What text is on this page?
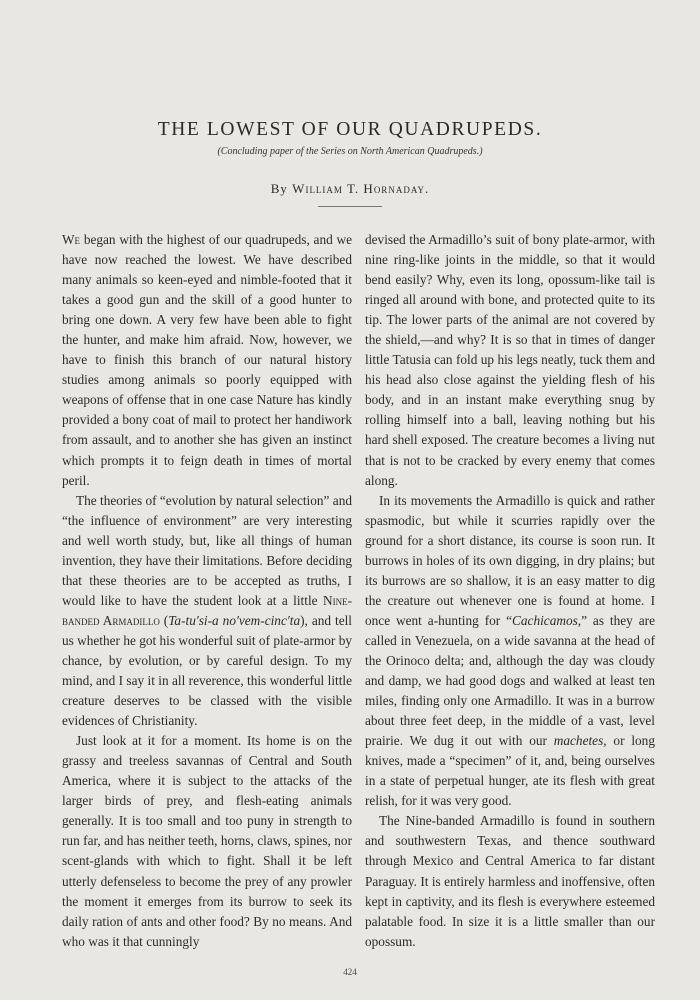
THE LOWEST OF OUR QUADRUPEDS.
(Concluding paper of the Series on North American Quadrupeds.)
By William T. Hornaday.

We began with the highest of our quadrupeds, and we have now reached the lowest. We have described many animals so keen-eyed and nimble-footed that it takes a good gun and the skill of a good hunter to bring one down. A very few have been able to fight the hunter, and make him afraid. Now, however, we have to finish this branch of our natural history studies among animals so poorly equipped with weapons of offense that in one case Nature has kindly provided a bony coat of mail to protect her handiwork from assault, and to another she has given an instinct which prompts it to feign death in times of mortal peril.

The theories of “evolution by natural selection” and “the influence of environment” are very interesting and well worth study, but, like all things of human invention, they have their limitations. Before deciding that these theories are to be accepted as truths, I would like to have the student look at a little Nine-banded Armadillo (Ta-tu′si-a no′vem-cinc′ta), and tell us whether he got his wonderful suit of plate-armor by chance, by evolution, or by careful design. To my mind, and I say it in all reverence, this wonderful little creature deserves to be classed with the visible evidences of Christianity.

Just look at it for a moment. Its home is on the grassy and treeless savannas of Central and South America, where it is subject to the attacks of the larger birds of prey, and flesh-eating animals generally. It is too small and too puny in strength to run far, and has neither teeth, horns, claws, spines, nor scent-glands with which to fight. Shall it be left utterly defenseless to become the prey of any prowler the moment it emerges from its burrow to seek its daily ration of ants and other food? By no means. And who was it that cunningly

devised the Armadillo’s suit of bony plate-armor, with nine ring-like joints in the middle, so that it would bend easily? Why, even its long, opossum-like tail is ringed all around with bone, and protected quite to its tip. The lower parts of the animal are not covered by the shield,—and why? It is so that in times of danger little Tatusia can fold up his legs neatly, tuck them and his head also close against the yielding flesh of his body, and in an instant make everything snug by rolling himself into a ball, leaving nothing but his hard shell exposed. The creature becomes a living nut that is not to be cracked by every enemy that comes along.

In its movements the Armadillo is quick and rather spasmodic, but while it scurries rapidly over the ground for a short distance, its course is soon run. It burrows in holes of its own digging, in dry plains; but its burrows are so shallow, it is an easy matter to dig the creature out whenever one is found at home. I once went a-hunting for “Cachicamos,” as they are called in Venezuela, on a wide savanna at the head of the Orinoco delta; and, although the day was cloudy and damp, we had good dogs and walked at least ten miles, finding only one Armadillo. It was in a burrow about three feet deep, in the middle of a vast, level prairie. We dug it out with our machetes, or long knives, made a “specimen” of it, and, being ourselves in a state of perpetual hunger, ate its flesh with great relish, for it was very good.

The Nine-banded Armadillo is found in southern and southwestern Texas, and thence southward through Mexico and Central America to far distant Paraguay. It is entirely harmless and inoffensive, often kept in captivity, and its flesh is everywhere esteemed palatable food. In size it is a little smaller than our opossum.

424
